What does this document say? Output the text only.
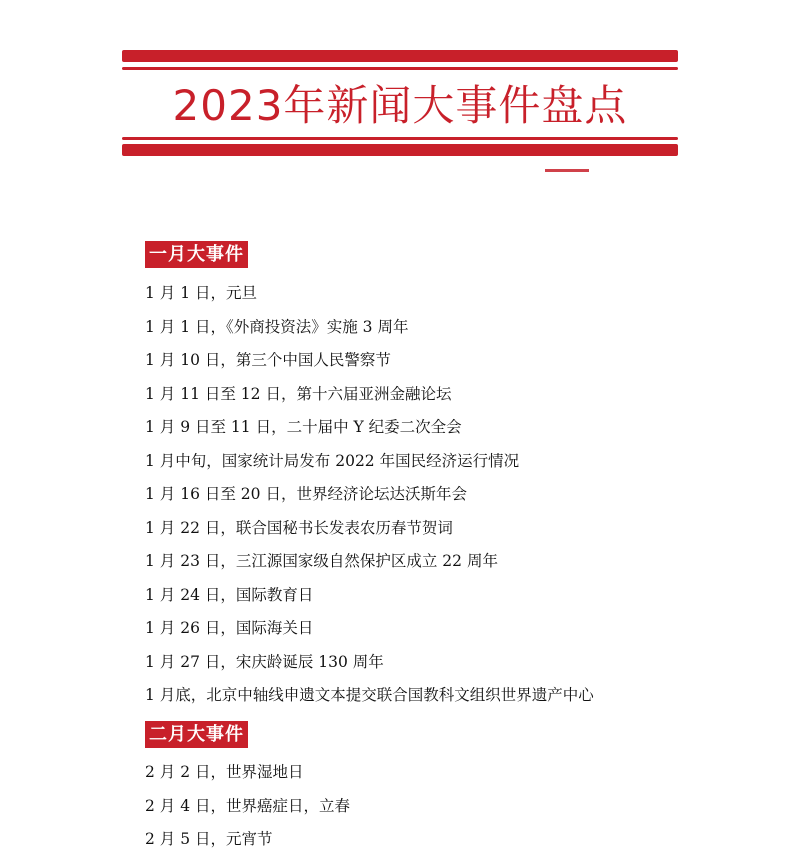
2023年新闻大事件盘点
一月大事件
1 月 1 日，元旦
1 月 1 日，《外商投资法》实施 3 周年
1 月 10 日，第三个中国人民警察节
1 月 11 日至 12 日，第十六届亚洲金融论坛
1 月 9 日至 11 日，二十届中 Y 纪委二次全会
1 月中旬，国家统计局发布 2022 年国民经济运行情况
1 月 16 日至 20 日，世界经济论坛达沃斯年会
1 月 22 日，联合国秘书长发表农历春节贺词
1 月 23 日，三江源国家级自然保护区成立 22 周年
1 月 24 日，国际教育日
1 月 26 日，国际海关日
1 月 27 日，宋庆龄诞辰 130 周年
1 月底，北京中轴线申遗文本提交联合国教科文组织世界遗产中心
二月大事件
2 月 2 日，世界湿地日
2 月 4 日，世界癌症日，立春
2 月 5 日，元宵节
